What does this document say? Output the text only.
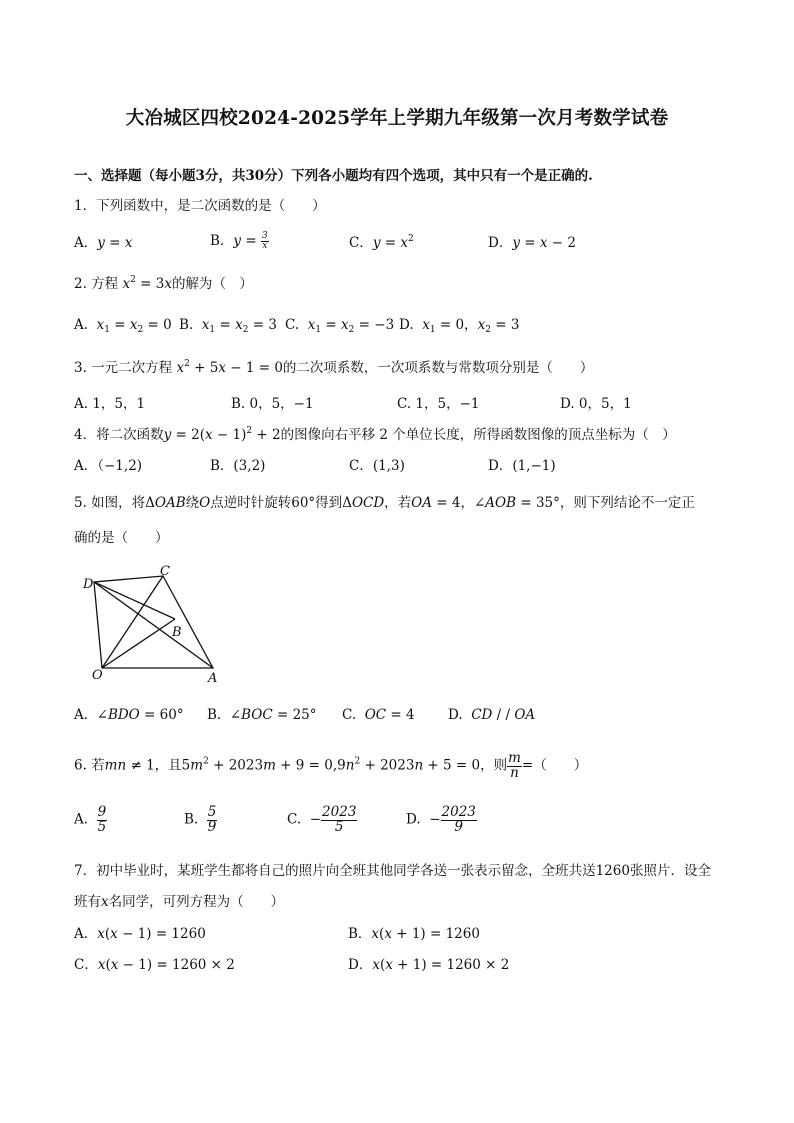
大冶城区四校2024-2025学年上学期九年级第一次月考数学试卷
一、选择题（每小题3分，共30分）下列各小题均有四个选项，其中只有一个是正确的.
1．下列函数中，是二次函数的是（　　）
A．y = x	B．$y = \frac{3}{x}$	C．$y = x^2$	D．y = x − 2
2. 方程 $x^2 = 3x$的解为（　）
A.  $x_1 = x_2 = 0$ B.  $x_1 = x_2 = 3$ C.  $x_1 = x_2 = -3$ D.  $x_1 = 0$，$x_2 = 3$
3. 一元二次方程 $x^2 + 5x - 1 = 0$的二次项系数，一次项系数与常数项分别是（　　）
A. 1，5，1	B. 0，5，−1	C. 1，5，−1	D. 0，5，1
4．将二次函数$y = 2(x - 1)^2 + 2$的图像向右平移 2 个单位长度，所得函数图像的顶点坐标为（　）
A．（−1,2)	B．(3,2)	C．(1,3)	D．(1,−1)
5. 如图，将ΔOAB绕O点逆时针旋转60°得到ΔOCD，若OA = 4，∠AOB = 35°，则下列结论不一定正
确的是（　　）
D
C
B
O	A
A.  ∠BDO = 60° B.  ∠BOC = 25° C.  OC = 4 D.  CD / / OA
6. 若mn ≠ 1，且$5m^2 + 2023m + 9 = 0,9n^2 + 2023n + 5 = 0$，则 $\frac{m}{n}$ =（　　）
A. $\frac{9}{5}$	B. $\frac{5}{9}$	C.  − $\frac{2023}{5}$	D.  − $\frac{2023}{9}$
7．初中毕业时，某班学生都将自己的照片向全班其他同学各送一张表示留念，全班共送1260张照片．设全
班有x名同学，可列方程为（　　）
A．x(x − 1) = 1260	B．x(x + 1) = 1260
C．x(x − 1) = 1260 × 2	D．x(x + 1) = 1260 × 2
